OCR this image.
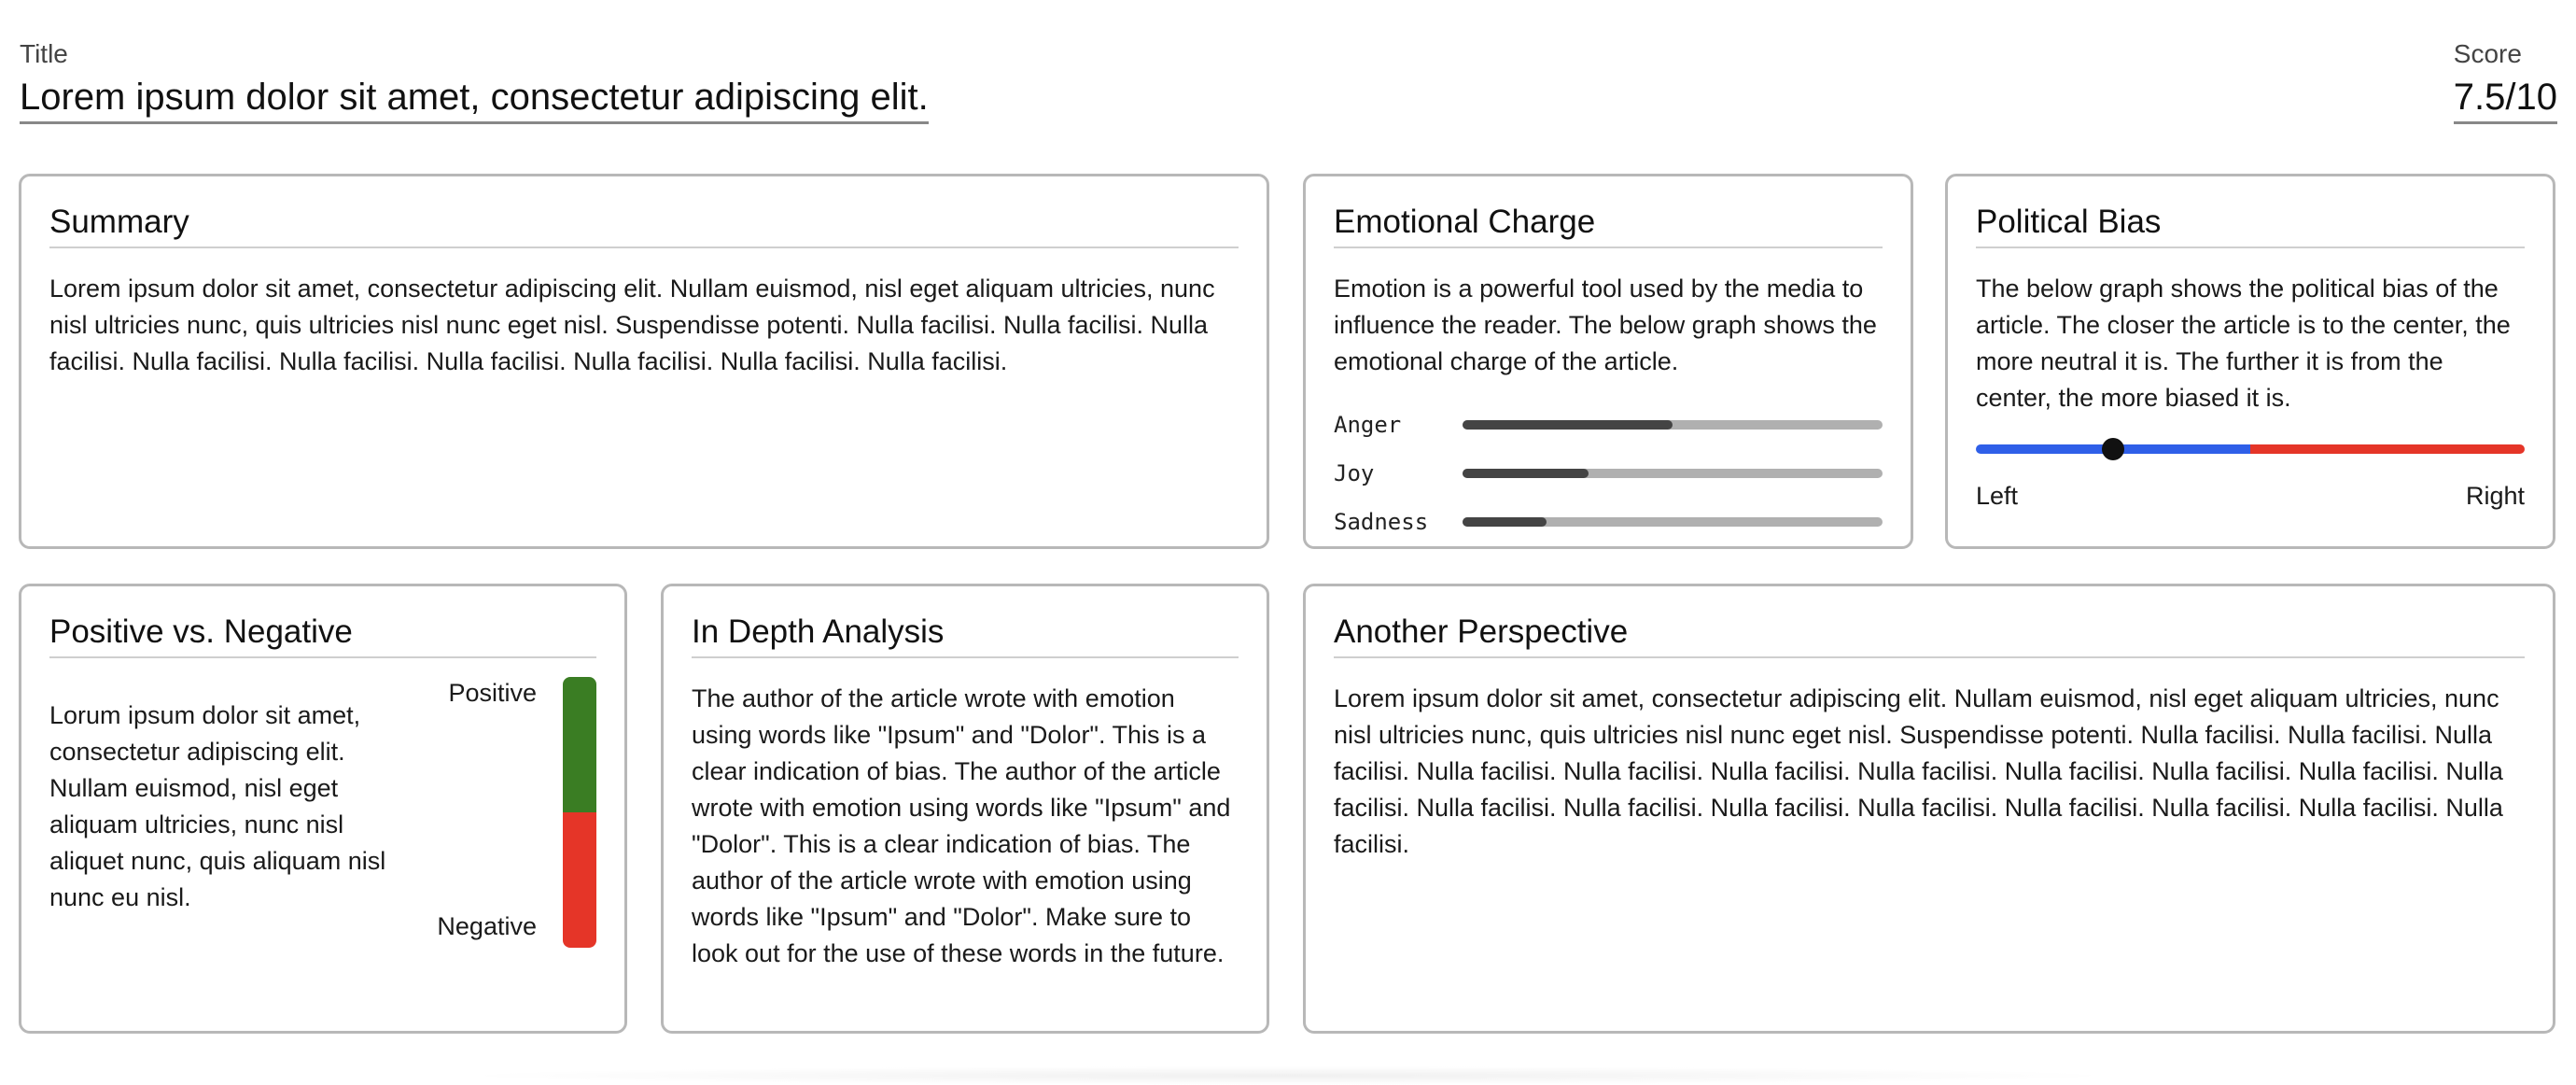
Title
Lorem ipsum dolor sit amet, consectetur adipiscing elit.
Score
7.5/10
Summary

Lorem ipsum dolor sit amet, consectetur adipiscing elit. Nullam euismod, nisl eget aliquam ultricies, nunc nisl ultricies nunc, quis ultricies nisl nunc eget nisl. Suspendisse potenti. Nulla facilisi. Nulla facilisi. Nulla facilisi. Nulla facilisi. Nulla facilisi. Nulla facilisi. Nulla facilisi. Nulla facilisi. Nulla facilisi.

Emotional Charge

Emotion is a powerful tool used by the media to influence the reader. The below graph shows the emotional charge of the article.

Anger
Joy
Sadness
Political Bias

The below graph shows the political bias of the article. The closer the article is to the center, the more neutral it is. The further it is from the center, the more biased it is.

Left	Right
Positive vs. Negative
Lorum ipsum dolor sit amet, consectetur adipiscing elit. Nullam euismod, nisl eget aliquam ultricies, nunc nisl aliquet nunc, quis aliquam nisl nunc eu nisl.
Positive
Negative
In Depth Analysis

The author of the article wrote with emotion using words like "Ipsum" and "Dolor". This is a clear indication of bias. The author of the article wrote with emotion using words like "Ipsum" and "Dolor". This is a clear indication of bias. The author of the article wrote with emotion using words like "Ipsum" and "Dolor". Make sure to look out for the use of these words in the future.

Another Perspective

Lorem ipsum dolor sit amet, consectetur adipiscing elit. Nullam euismod, nisl eget aliquam ultricies, nunc nisl ultricies nunc, quis ultricies nisl nunc eget nisl. Suspendisse potenti. Nulla facilisi. Nulla facilisi. Nulla facilisi. Nulla facilisi. Nulla facilisi. Nulla facilisi. Nulla facilisi. Nulla facilisi. Nulla facilisi. Nulla facilisi. Nulla facilisi. Nulla facilisi. Nulla facilisi. Nulla facilisi. Nulla facilisi. Nulla facilisi. Nulla facilisi. Nulla facilisi. Nulla facilisi.
